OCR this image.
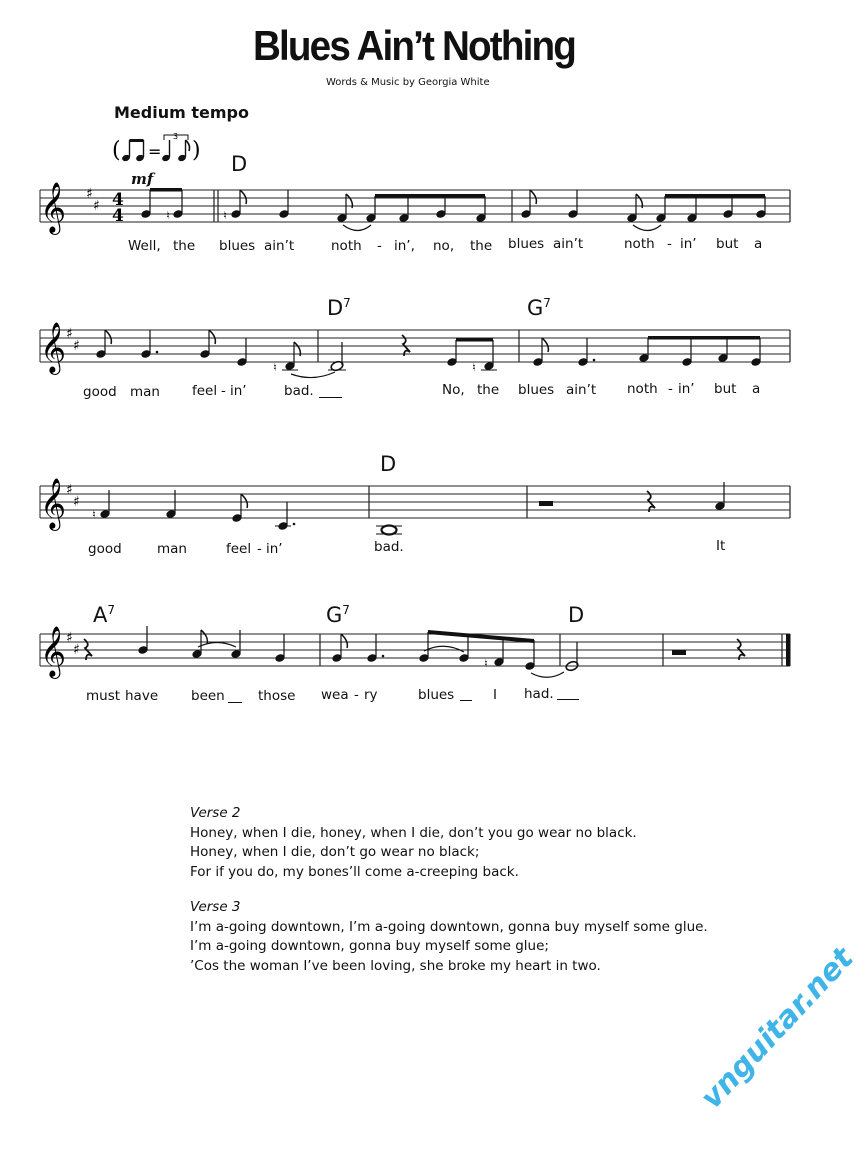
Blues Ain’t Nothing
Words & Music by Georgia White
Medium tempo
( =
3
)
mf
D
$D^7$	$G^7$
D
$A^7$	$G^7$	D
𝄞 ♯
♯ 4
4	♮	♮
Well, the blues ain’t	noth - in’, no, the blues ain’t	noth - in’ but a
𝄞 ♯
♯
♮	♮
good man feel - in’	bad.	No, the blues ain’t noth - in’ but a
𝄞 ♯
♯
♮
good	man	feel - in’	bad.	It
𝄞 ♯
♯
♮
must have been those wea - ry	blues	I had.
Verse 2
Honey, when I die, honey, when I die, don’t you go wear no black.
Honey, when I die, don’t go wear no black;
For if you do, my bones’ll come a-creeping back.
Verse 3
I’m a-going downtown, I’m a-going downtown, gonna buy myself some glue.
I’m a-going downtown, gonna buy myself some glue;
’Cos the woman I’ve been loving, she broke my heart in two.	vnguitar.net
